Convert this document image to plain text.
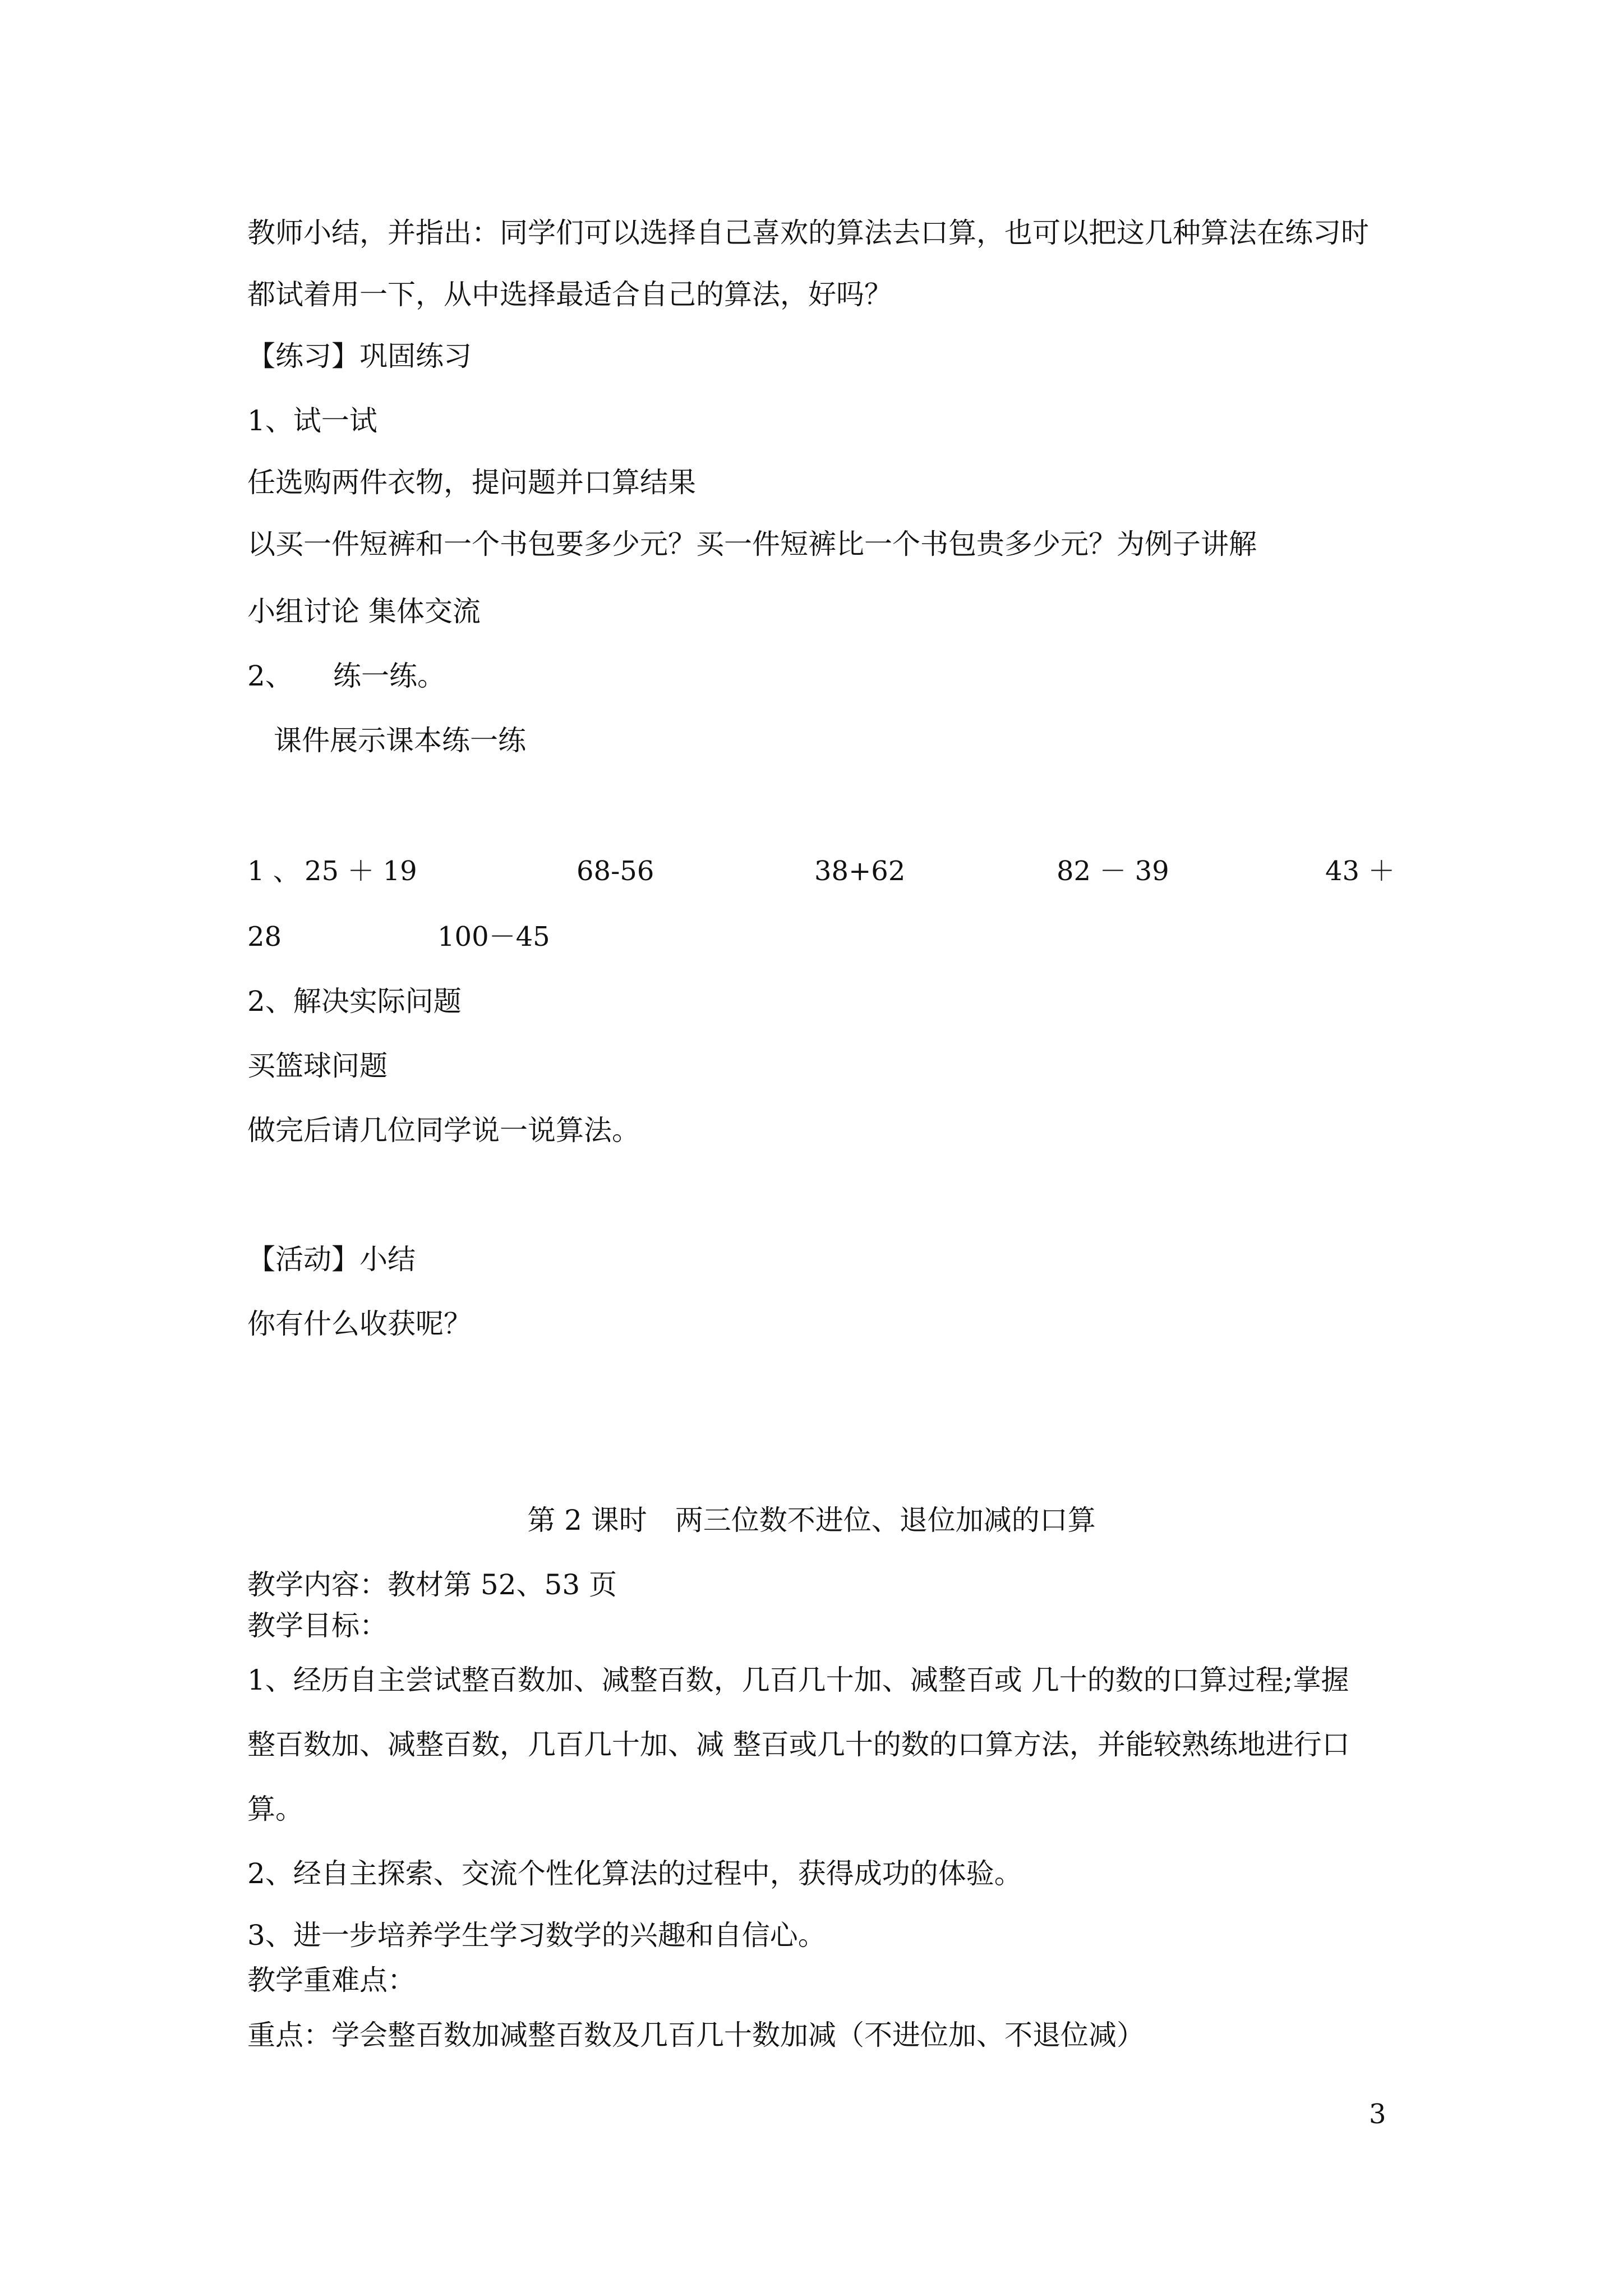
教师小结，并指出：同学们可以选择自己喜欢的算法去口算，也可以把这几种算法在练习时
都试着用一下，从中选择最适合自己的算法，好吗？
【练习】巩固练习
1、试一试
任选购两件衣物，提问题并口算结果
以买一件短裤和一个书包要多少元？买一件短裤比一个书包贵多少元？为例子讲解
小组讨论 集体交流
2、 练一练。
课件展示课本练一练
1 、 25 ＋ 19	68-56	38+62	82 － 39	43 ＋
28	100－45
2、解决实际问题
买篮球问题
做完后请几位同学说一说算法。
【活动】小结
你有什么收获呢？
第 2 课时　两三位数不进位、退位加减的口算
教学内容：教材第 52、53 页
教学目标：
1、经历自主尝试整百数加、减整百数，几百几十加、减整百或 几十的数的口算过程;掌握
整百数加、减整百数，几百几十加、减 整百或几十的数的口算方法，并能较熟练地进行口
算。
2、经自主探索、交流个性化算法的过程中，获得成功的体验。
3、进一步培养学生学习数学的兴趣和自信心。
教学重难点：
重点：学会整百数加减整百数及几百几十数加减（不进位加、不退位减）
3
